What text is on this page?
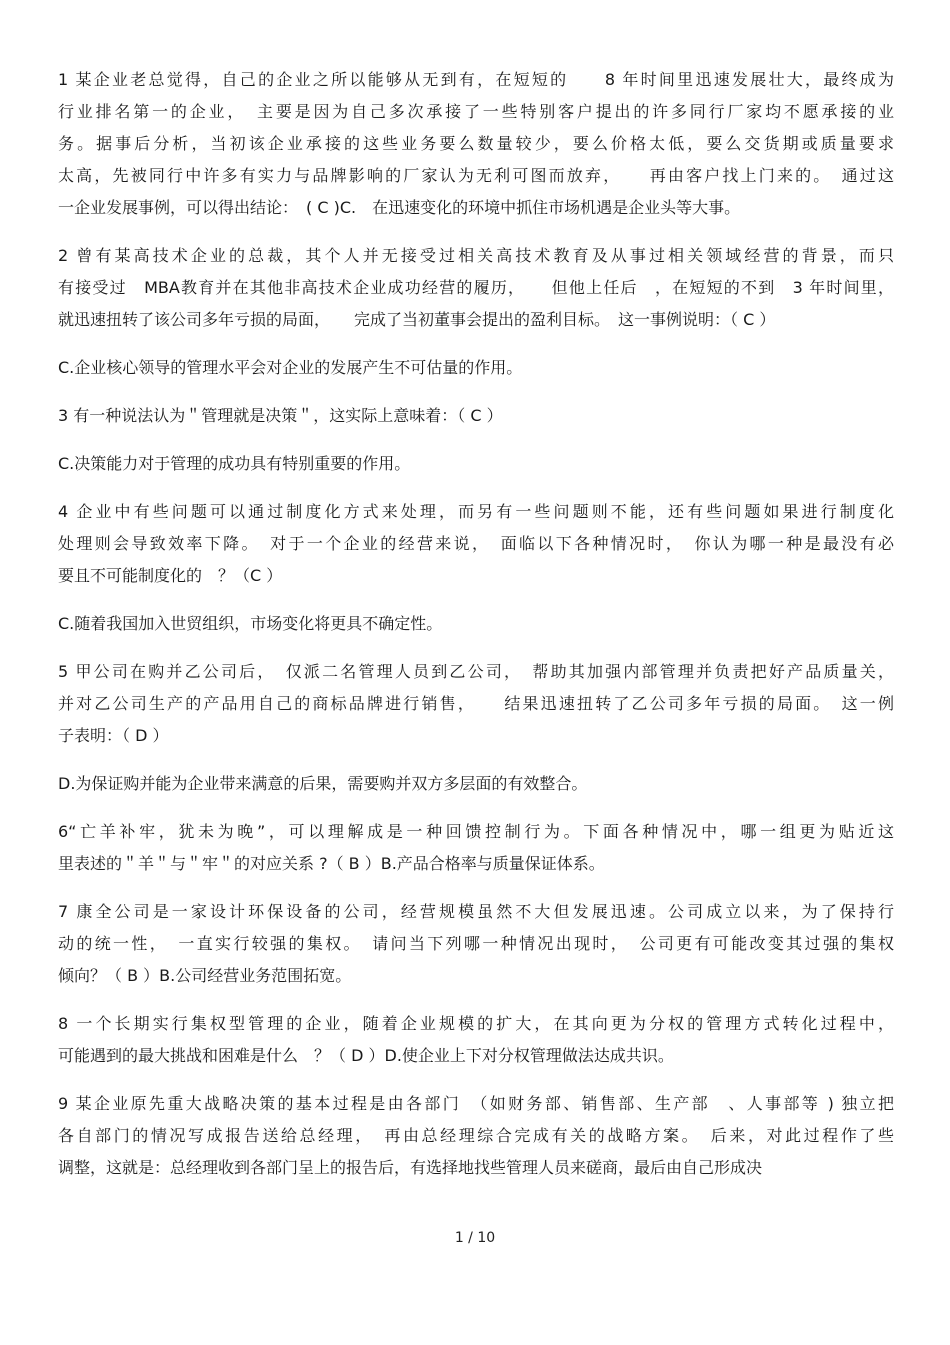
1 某企业老总觉得，自己的企业之所以能够从无到有，在短短的　　8 年时间里迅速发展壮大，最终成为
行业排名第一的企业，　主要是因为自己多次承接了一些特别客户提出的许多同行厂家均不愿承接的业
务。据事后分析，当初该企业承接的这些业务要么数量较少，要么价格太低，要么交货期或质量要求
太高，先被同行中许多有实力与品牌影响的厂家认为无利可图而放弃，　　再由客户找上门来的。　通过这
一企业发展事例，可以得出结论：　( C )C.　在迅速变化的环境中抓住市场机遇是企业头等大事。
2 曾有某高技术企业的总裁，其个人并无接受过相关高技术教育及从事过相关领域经营的背景，而只
有接受过　MBA教育并在其他非高技术企业成功经营的履历，　　但他上任后　，在短短的不到　3 年时间里，
就迅速扭转了该公司多年亏损的局面，　　完成了当初董事会提出的盈利目标。　这一事例说明：（ C ）
C.企业核心领导的管理水平会对企业的发展产生不可估量的作用。
3 有一种说法认为＂管理就是决策＂，这实际上意味着：（ C ）
C.决策能力对于管理的成功具有特别重要的作用。
4 企业中有些问题可以通过制度化方式来处理，而另有一些问题则不能，还有些问题如果进行制度化
处理则会导致效率下降。　对于一个企业的经营来说，　面临以下各种情况时，　你认为哪一种是最没有必
要且不可能制度化的　？（C ）
C.随着我国加入世贸组织，市场变化将更具不确定性。
5 甲公司在购并乙公司后，　仅派二名管理人员到乙公司，　帮助其加强内部管理并负责把好产品质量关，
并对乙公司生产的产品用自己的商标品牌进行销售，　　结果迅速扭转了乙公司多年亏损的局面。　这一例
子表明：（ D ）
D.为保证购并能为企业带来满意的后果，需要购并双方多层面的有效整合。
6“亡羊补牢，犹未为晚”，可以理解成是一种回馈控制行为。下面各种情况中，哪一组更为贴近这
里表述的＂羊＂与＂牢＂的对应关系 ?（ B ）B.产品合格率与质量保证体系。
7 康全公司是一家设计环保设备的公司，经营规模虽然不大但发展迅速。公司成立以来，为了保持行
动的统一性，　一直实行较强的集权。　请问当下列哪一种情况出现时，　公司更有可能改变其过强的集权
倾向？（ B ）B.公司经营业务范围拓宽。
8 一个长期实行集权型管理的企业，随着企业规模的扩大，在其向更为分权的管理方式转化过程中，
可能遇到的最大挑战和困难是什么　？（ D ）D.使企业上下对分权管理做法达成共识。
9 某企业原先重大战略决策的基本过程是由各部门　（如财务部、销售部、生产部　、人事部等 ) 独立把
各自部门的情况写成报告送给总经理，　再由总经理综合完成有关的战略方案。　后来，对此过程作了些
调整，这就是：总经理收到各部门呈上的报告后，有选择地找些管理人员来磋商，最后由自己形成决
1 / 10
